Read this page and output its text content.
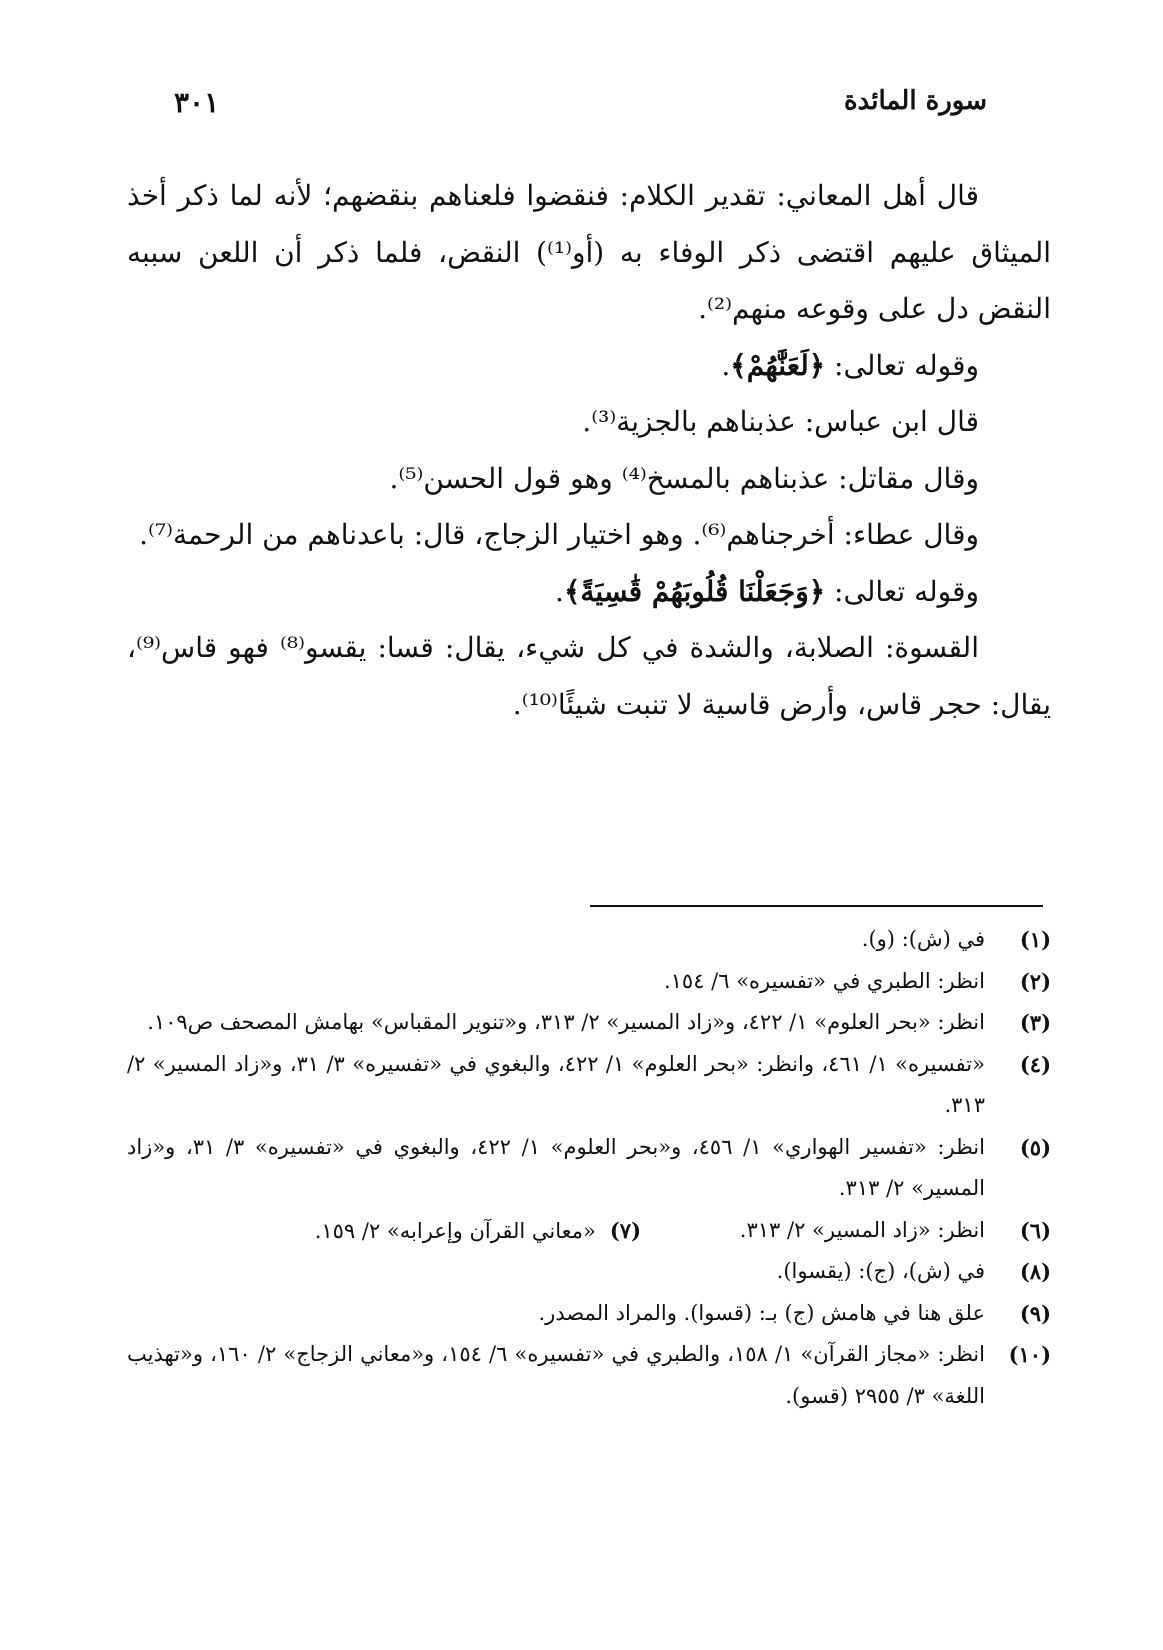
سورة المائدة
٣٠١

قال أهل المعاني: تقدير الكلام: فنقضوا فلعناهم بنقضهم؛ لأنه لما ذكر أخذ الميثاق عليهم اقتضى ذكر الوفاء به (أو⁽¹⁾) النقض، فلما ذكر أن اللعن سببه النقض دل على وقوعه منهم⁽²⁾.

وقوله تعالى: ﴿لَعَنَّٰهُمْ﴾.

قال ابن عباس: عذبناهم بالجزية⁽³⁾.

وقال مقاتل: عذبناهم بالمسخ⁽⁴⁾ وهو قول الحسن⁽⁵⁾.

وقال عطاء: أخرجناهم⁽⁶⁾. وهو اختيار الزجاج، قال: باعدناهم من الرحمة⁽⁷⁾.

وقوله تعالى: ﴿وَجَعَلْنَا قُلُوبَهُمْ قَٰسِيَةً﴾.

القسوة: الصلابة، والشدة في كل شيء، يقال: قسا: يقسو⁽⁸⁾ فهو قاس⁽⁹⁾، يقال: حجر قاس، وأرض قاسية لا تنبت شيئًا⁽¹⁰⁾.

(١)
في (ش): (و).
(٢)
انظر: الطبري في «تفسيره» ٦/ ١٥٤.
(٣)
انظر: «بحر العلوم» ١/ ٤٢٢، و«زاد المسير» ٢/ ٣١٣، و«تنوير المقباس» بهامش المصحف ص١٠٩.
(٤)
«تفسيره» ١/ ٤٦١، وانظر: «بحر العلوم» ١/ ٤٢٢، والبغوي في «تفسيره» ٣/ ٣١، و«زاد المسير» ٢/ ٣١٣.
(٥)
انظر: «تفسير الهواري» ١/ ٤٥٦، و«بحر العلوم» ١/ ٤٢٢، والبغوي في «تفسيره» ٣/ ٣١، و«زاد المسير» ٢/ ٣١٣.
(٦)
انظر: «زاد المسير» ٢/ ٣١٣.
(٧)«معاني القرآن وإعرابه» ٢/ ١٥٩.
(٨)
في (ش)، (ج): (يقسوا).
(٩)
علق هنا في هامش (ج) بـ: (قسوا). والمراد المصدر.
(١٠)
انظر: «مجاز القرآن» ١/ ١٥٨، والطبري في «تفسيره» ٦/ ١٥٤، و«معاني الزجاج» ٢/ ١٦٠، و«تهذيب اللغة» ٣/ ٢٩٥٥ (قسو).
